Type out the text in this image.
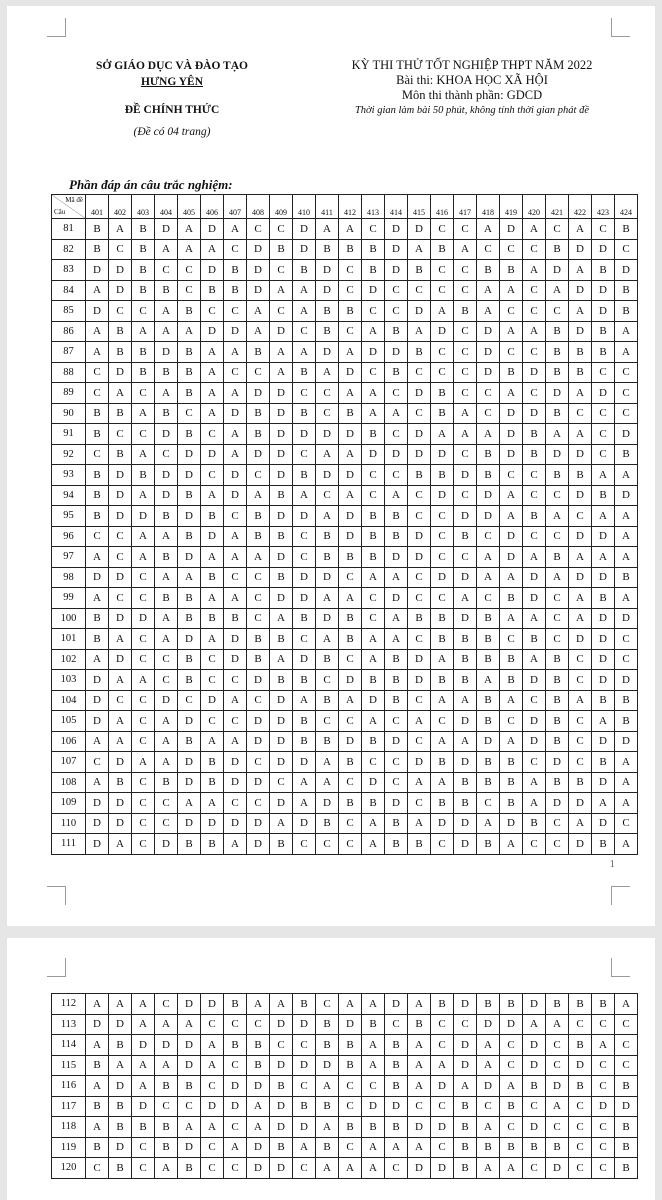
SỞ GIÁO DỤC VÀ ĐÀO TẠO
HƯNG YÊN
ĐỀ CHÍNH THỨC
(Đề có 04 trang)
KỲ THI THỬ TỐT NGHIỆP THPT NĂM 2022
Bài thi: KHOA HỌC XÃ HỘI
Môn thi thành phần: GDCD
Thời gian làm bài 50 phút, không tính thời gian phát đề
Phần đáp án câu trắc nghiệm:
Mã đề
Câu	401	402	403	404	405	406	407	408	409	410	411	412	413	414	415	416	417	418	419	420	421	422	423	424
81	B	A	B	D	A	D	A	C	C	D	A	A	C	D	D	C	C	A	D	A	C	A	C	B
82	B	C	B	A	A	A	C	D	B	D	B	B	B	D	A	B	A	C	C	C	B	D	D	C
83	D	D	B	C	C	D	B	D	C	B	D	C	B	D	B	C	C	B	B	A	D	A	B	D
84	A	D	B	B	C	B	B	D	A	A	D	C	D	C	C	C	C	A	A	C	A	D	D	B
85	D	C	C	A	B	C	C	A	C	A	B	B	C	C	D	A	B	A	C	C	C	A	D	B
86	A	B	A	A	A	D	D	A	D	C	B	C	A	B	A	D	C	D	A	A	B	D	B	A
87	A	B	B	D	B	A	A	B	A	A	D	A	D	D	B	C	C	D	C	C	B	B	B	A
88	C	D	B	B	B	A	C	C	A	B	A	D	C	B	C	C	C	D	B	D	B	B	C	C
89	C	A	C	A	B	A	A	D	D	C	C	A	A	C	D	B	C	C	A	C	D	A	D	C
90	B	B	A	B	C	A	D	B	D	B	C	B	A	A	C	B	A	C	D	D	B	C	C	C
91	B	C	C	D	B	C	A	B	D	D	D	D	B	C	D	A	A	A	D	B	A	A	C	D
92	C	B	A	C	D	D	A	D	D	C	A	A	D	D	D	D	C	B	D	B	D	D	C	B
93	B	D	B	D	D	C	D	C	D	B	D	D	C	C	B	B	D	B	C	C	B	B	A	A
94	B	D	A	D	B	A	D	A	B	A	C	A	C	A	C	D	C	D	A	C	C	D	B	D
95	B	D	D	B	D	B	C	B	D	D	A	D	B	B	C	C	D	D	A	B	A	C	A	A
96	C	C	A	A	B	D	A	B	B	C	B	D	B	B	D	C	B	C	D	C	C	D	D	A
97	A	C	A	B	D	A	A	A	D	C	B	B	B	D	D	C	C	A	D	A	B	A	A	A
98	D	D	C	A	A	B	C	C	B	D	D	C	A	A	C	D	D	A	A	D	A	D	D	B
99	A	C	C	B	B	A	A	C	D	D	A	A	C	D	C	C	A	C	B	D	C	A	B	A
100	B	D	D	A	B	B	B	C	A	B	D	B	C	A	B	B	D	B	A	A	C	A	D	D
101	B	A	C	A	D	A	D	B	B	C	A	B	A	A	C	B	B	B	C	B	C	D	D	C
102	A	D	C	C	B	C	D	B	A	D	B	C	A	B	D	A	B	B	B	A	B	C	D	C
103	D	A	A	C	B	C	C	D	B	B	C	D	B	B	D	B	B	A	B	D	B	C	D	D
104	D	C	C	D	C	D	A	C	D	A	B	A	D	B	C	A	A	B	A	C	B	A	B	B
105	D	A	C	A	D	C	C	D	D	B	C	C	A	C	A	C	D	B	C	D	B	C	A	B
106	A	A	C	A	B	A	A	D	D	B	B	D	B	D	C	A	A	D	A	D	B	C	D	D
107	C	D	A	A	D	B	D	C	D	D	A	B	C	C	D	B	D	B	B	C	D	C	B	A
108	A	B	C	B	D	B	D	D	C	A	A	C	D	C	A	A	B	B	B	A	B	B	D	A
109	D	D	C	C	A	A	C	C	D	A	D	B	B	D	C	B	B	C	B	A	D	D	A	A
110	D	D	C	C	D	D	D	D	A	D	B	C	A	B	A	D	D	A	D	B	C	A	D	C
111	D	A	C	D	B	B	A	D	B	C	C	C	A	B	B	C	D	B	A	C	C	D	B	A
1
112	A	A	A	C	D	D	B	A	A	B	C	A	A	D	A	B	D	B	B	D	B	B	B	A
113	D	D	A	A	A	C	C	C	D	D	B	D	B	C	B	C	C	D	D	A	A	C	C	C
114	A	B	D	D	D	A	B	B	C	C	B	B	A	B	A	C	D	A	C	D	C	B	A	C
115	B	A	A	A	D	A	C	B	D	D	D	B	A	B	A	A	D	A	C	D	C	D	C	C
116	A	D	A	B	B	C	D	D	B	C	A	C	C	B	A	D	A	D	A	B	D	B	C	B
117	B	B	D	C	C	D	D	A	D	B	B	C	D	D	C	C	B	C	B	C	A	C	D	D
118	A	B	B	B	A	A	C	A	D	D	A	B	B	B	D	D	B	A	C	D	C	C	C	B
119	B	D	C	B	D	C	A	D	B	A	B	C	A	A	A	C	B	B	B	B	B	C	C	B
120	C	B	C	A	B	C	C	D	D	C	A	A	A	C	D	D	B	A	A	C	D	C	C	B
